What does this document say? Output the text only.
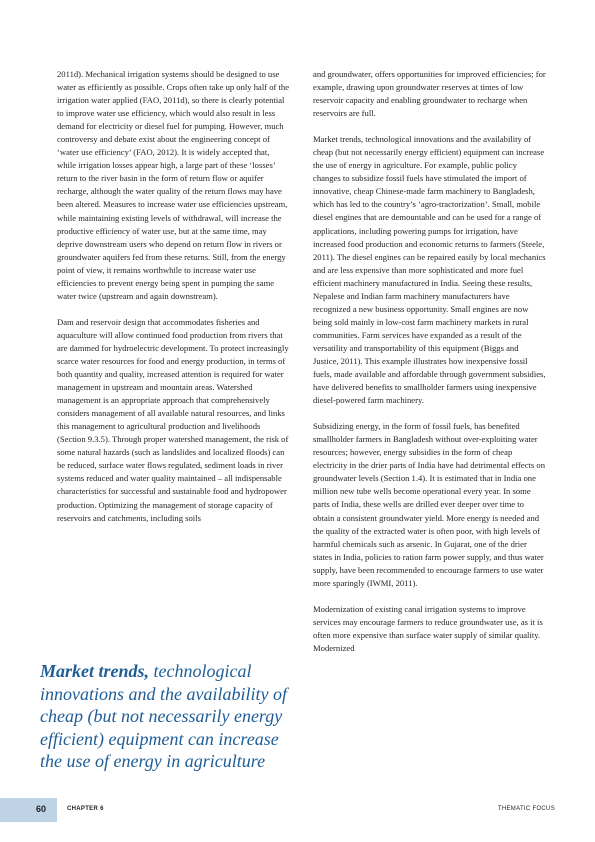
2011d). Mechanical irrigation systems should be designed to use water as efficiently as possible. Crops often take up only half of the irrigation water applied (FAO, 2011d), so there is clearly potential to improve water use efficiency, which would also result in less demand for electricity or diesel fuel for pumping. However, much controversy and debate exist about the engineering concept of ‘water use efficiency’ (FAO, 2012). It is widely accepted that, while irrigation losses appear high, a large part of these ‘losses’ return to the river basin in the form of return flow or aquifer recharge, although the water quality of the return flows may have been altered. Measures to increase water use efficiencies upstream, while maintaining existing levels of withdrawal, will increase the productive efficiency of water use, but at the same time, may deprive downstream users who depend on return flow in rivers or groundwater aquifers fed from these returns. Still, from the energy point of view, it remains worthwhile to increase water use efficiencies to prevent energy being spent in pumping the same water twice (upstream and again downstream).

Dam and reservoir design that accommodates fisheries and aquaculture will allow continued food production from rivers that are dammed for hydroelectric development. To protect increasingly scarce water resources for food and energy production, in terms of both quantity and quality, increased attention is required for water management in upstream and mountain areas. Watershed management is an appropriate approach that comprehensively considers management of all available natural resources, and links this management to agricultural production and livelihoods (Section 9.3.5). Through proper watershed management, the risk of some natural hazards (such as landslides and localized floods) can be reduced, surface water flows regulated, sediment loads in river systems reduced and water quality maintained – all indispensable characteristics for successful and sustainable food and hydropower production. Optimizing the management of storage capacity of reservoirs and catchments, including soils

and groundwater, offers opportunities for improved efficiencies; for example, drawing upon groundwater reserves at times of low reservoir capacity and enabling groundwater to recharge when reservoirs are full.

Market trends, technological innovations and the availability of cheap (but not necessarily energy efficient) equipment can increase the use of energy in agriculture. For example, public policy changes to subsidize fossil fuels have stimulated the import of innovative, cheap Chinese-made farm machinery to Bangladesh, which has led to the country’s ‘agro-tractorization’. Small, mobile diesel engines that are demountable and can be used for a range of applications, including powering pumps for irrigation, have increased food production and economic returns to farmers (Steele, 2011). The diesel engines can be repaired easily by local mechanics and are less expensive than more sophisticated and more fuel efficient machinery manufactured in India. Seeing these results, Nepalese and Indian farm machinery manufacturers have recognized a new business opportunity. Small engines are now being sold mainly in low-cost farm machinery markets in rural communities. Farm services have expanded as a result of the versatility and transportability of this equipment (Biggs and Justice, 2011). This example illustrates how inexpensive fossil fuels, made available and affordable through government subsidies, have delivered benefits to smallholder farmers using inexpensive diesel-powered farm machinery.

Subsidizing energy, in the form of fossil fuels, has benefited smallholder farmers in Bangladesh without over-exploiting water resources; however, energy subsidies in the form of cheap electricity in the drier parts of India have had detrimental effects on groundwater levels (Section 1.4). It is estimated that in India one million new tube wells become operational every year. In some parts of India, these wells are drilled ever deeper over time to obtain a consistent groundwater yield. More energy is needed and the quality of the extracted water is often poor, with high levels of harmful chemicals such as arsenic. In Gujarat, one of the drier states in India, policies to ration farm power supply, and thus water supply, have been recommended to encourage farmers to use water more sparingly (IWMI, 2011).

Modernization of existing canal irrigation systems to improve services may encourage farmers to reduce groundwater use, as it is often more expensive than surface water supply of similar quality. Modernized

Market trends, technological innovations and the availability of cheap (but not necessarily energy efficient) equipment can increase the use of energy in agriculture
60	CHAPTER 6	THEMATIC FOCUS
